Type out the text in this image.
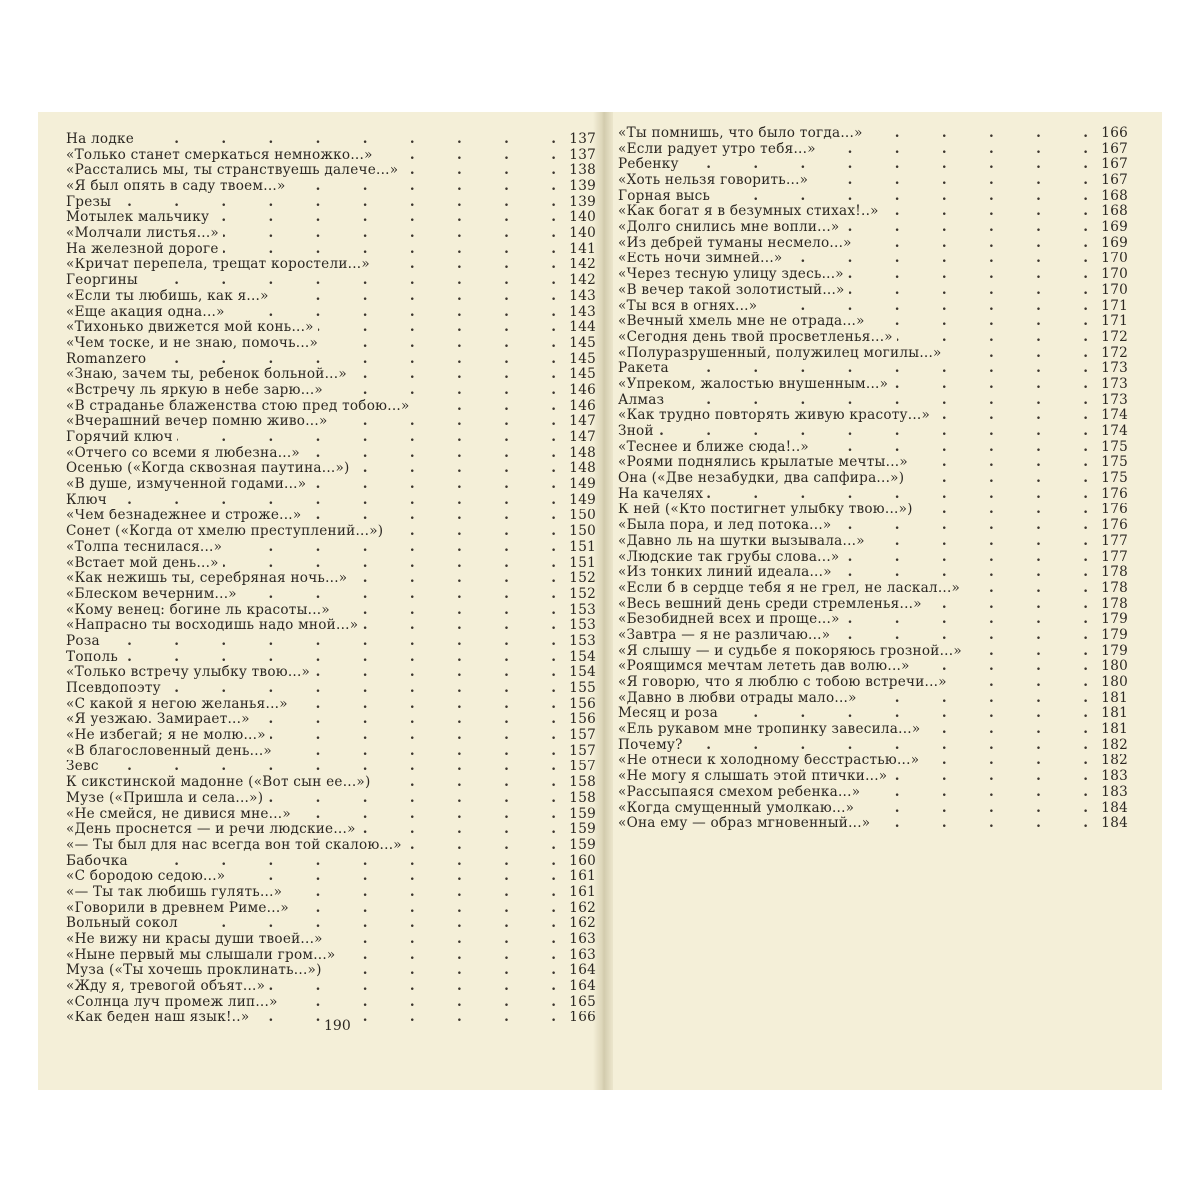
На лодке .	137
«Только станет смеркаться немножко...» .	137
«Расстались мы, ты странствуешь далече...» .	138
«Я был опять в саду твоем...» .	139
Грезы .	139
Мотылек мальчику .	140
«Молчали листья...» .	140
На железной дороге .	141
«Кричат перепела, трещат коростели...» .	142
Георгины .	142
«Если ты любишь, как я...» .	143
«Еще акация одна...» .	143
«Тихонько движется мой конь...» .	144
«Чем тоске, и не знаю, помочь...» .	145
Romanzero .	145
«Знаю, зачем ты, ребенок больной...» .	145
«Встречу ль яркую в небе зарю...» .	146
«В страданье блаженства стою пред тобою...» .	146
«Вчерашний вечер помню живо...» .	147
Горячий ключ .	147
«Отчего со всеми я любезна...» .	148
Осенью («Когда сквозная паутина...») .	148
«В душе, измученной годами...» .	149
Ключ .	149
«Чем безнадежнее и строже...» .	150
Сонет («Когда от хмелю преступлений...») .	150
«Толпа теснилася...» .	151
«Встает мой день...» .	151
«Как нежишь ты, серебряная ночь...» .	152
«Блеском вечерним...» .	152
«Кому венец: богине ль красоты...» .	153
«Напрасно ты восходишь надо мной...» .	153
Роза .	153
Тополь .	154
«Только встречу улыбку твою...» .	154
Псевдопоэту .	155
«С какой я негою желанья...» .	156
«Я уезжаю. Замирает...» .	156
«Не избегай; я не молю...» .	157
«В благословенный день...» .	157
Зевс .	157
К сикстинской мадонне («Вот сын ее...») .	158
Музе («Пришла и села...») .	158
«Не смейся, не дивися мне...» .	159
«День проснется — и речи людские...» .	159
«— Ты был для нас всегда вон той скалою...» .	159
Бабочка .	160
«С бородою седою...» .	161
«— Ты так любишь гулять...» .	161
«Говорили в древнем Риме...» .	162
Вольный сокол .	162
«Не вижу ни красы души твоей...» .	163
«Ныне первый мы слышали гром...» .	163
Муза («Ты хочешь проклинать...») .	164
«Жду я, тревогой объят...» .	164
«Солнца луч промеж лип...» .	165
«Как беден наш язык!..» .	166
190
«Ты помнишь, что было тогда...» .	166
«Если радует утро тебя...» .	167
Ребенку .	167
«Хоть нельзя говорить...» .	167
Горная высь .	168
«Как богат я в безумных стихах!..» .	168
«Долго снились мне вопли...» .	169
«Из дебрей туманы несмело...» .	169
«Есть ночи зимней...» .	170
«Через тесную улицу здесь...» .	170
«В вечер такой золотистый...» .	170
«Ты вся в огнях...» .	171
«Вечный хмель мне не отрада...» .	171
«Сегодня день твой просветленья...» .	172
«Полуразрушенный, полужилец могилы...» .	172
Ракета .	173
«Упреком, жалостью внушенным...» .	173
Алмаз .	173
«Как трудно повторять живую красоту...» .	174
Зной .	174
«Теснее и ближе сюда!..» .	175
«Роями поднялись крылатые мечты...» .	175
Она («Две незабудки, два сапфира...») .	175
На качелях .	176
К ней («Кто постигнет улыбку твою...») .	176
«Была пора, и лед потока...» .	176
«Давно ль на шутки вызывала...» .	177
«Людские так грубы слова...» .	177
«Из тонких линий идеала...» .	178
«Если б в сердце тебя я не грел, не ласкал...» .	178
«Весь вешний день среди стремленья...» .	178
«Безобидней всех и проще...» .	179
«Завтра — я не различаю...» .	179
«Я слышу — и судьбе я покоряюсь грозной...» .	179
«Роящимся мечтам лететь дав волю...» .	180
«Я говорю, что я люблю с тобою встречи...» .	180
«Давно в любви отрады мало...» .	181
Месяц и роза .	181
«Ель рукавом мне тропинку завесила...» .	181
Почему? .	182
«Не отнеси к холодному бесстрастью...» .	182
«Не могу я слышать этой птички...» .	183
«Рассыпаяся смехом ребенка...» .	183
«Когда смущенный умолкаю...» .	184
«Она ему — образ мгновенный...» .	184
